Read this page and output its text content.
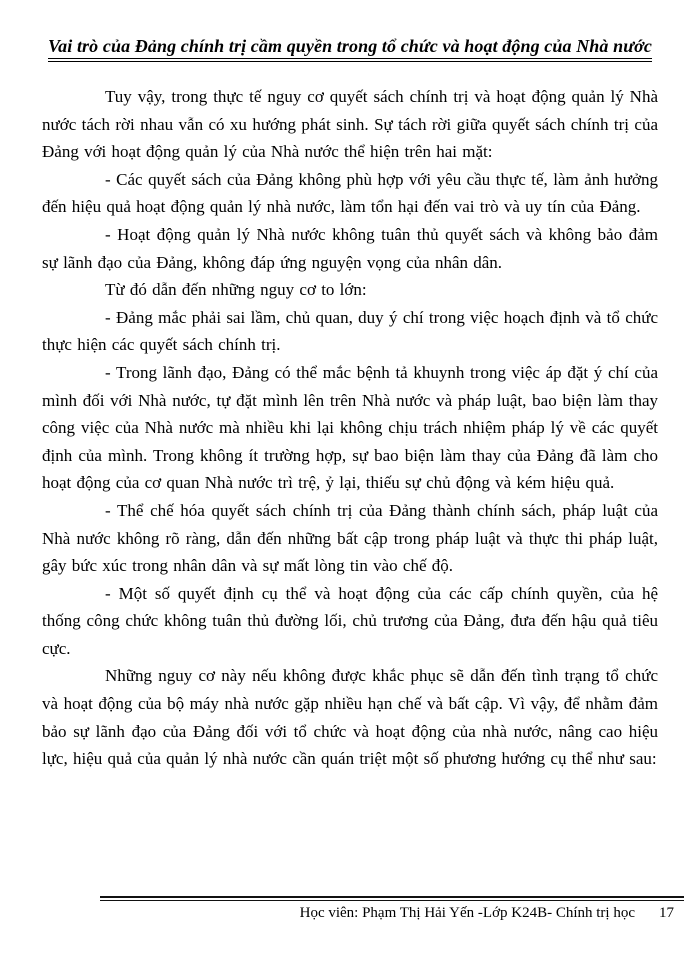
Vai trò của Đảng chính trị cầm quyền trong tổ chức và hoạt động của Nhà nước

Tuy vậy, trong thực tế nguy cơ quyết sách chính trị và hoạt động quản lý Nhà nước tách rời nhau vẫn có xu hướng phát sinh. Sự tách rời giữa quyết sách chính trị của Đảng với hoạt động quản lý của Nhà nước thể hiện trên hai mặt:

- Các quyết sách của Đảng không phù hợp với yêu cầu thực tế, làm ảnh hưởng đến hiệu quả hoạt động quản lý nhà nước, làm tổn hại đến vai trò và uy tín của Đảng.

- Hoạt động quản lý Nhà nước không tuân thủ quyết sách và không bảo đảm sự lãnh đạo của Đảng, không đáp ứng nguyện vọng của nhân dân.

Từ đó dẫn đến những nguy cơ to lớn:

- Đảng mắc phải sai lầm, chủ quan, duy ý chí trong việc hoạch định và tổ chức thực hiện các quyết sách chính trị.

- Trong lãnh đạo, Đảng có thể mắc bệnh tả khuynh trong việc áp đặt ý chí của mình đối với Nhà nước, tự đặt mình lên trên Nhà nước và pháp luật, bao biện làm thay công việc của Nhà nước mà nhiều khi lại không chịu trách nhiệm pháp lý về các quyết định của mình. Trong không ít trường hợp, sự bao biện làm thay của Đảng đã làm cho hoạt động của cơ quan Nhà nước trì trệ, ỷ lại, thiếu sự chủ động và kém hiệu quả.

- Thể chế hóa quyết sách chính trị của Đảng thành chính sách, pháp luật của Nhà nước không rõ ràng, dẫn đến những bất cập trong pháp luật và thực thi pháp luật, gây bức xúc trong nhân dân và sự mất lòng tin vào chế độ.

- Một số quyết định cụ thể và hoạt động của các cấp chính quyền, của hệ thống công chức không tuân thủ đường lối, chủ trương của Đảng, đưa đến hậu quả tiêu cực.

Những nguy cơ này nếu không được khắc phục sẽ dẫn đến tình trạng tổ chức và hoạt động của bộ máy nhà nước gặp nhiều hạn chế và bất cập. Vì vậy, để nhằm đảm bảo sự lãnh đạo của Đảng đối với tổ chức và hoạt động của nhà nước, nâng cao hiệu lực, hiệu quả của quản lý nhà nước cần quán triệt một số phương hướng cụ thể như sau:

Học viên: Phạm Thị Hải Yến -Lớp K24B- Chính trị học 17
